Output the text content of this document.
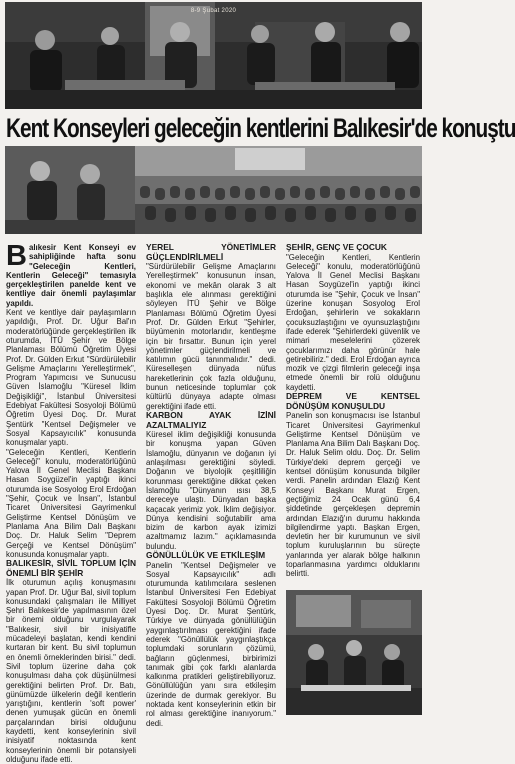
8-9 Şubat 2020
Kent Konseyleri geleceğin kentlerini Balıkesir'de konuştu

Balıkesir Kent Konseyi ev sahipliğinde hafta sonu "Geleceğin Kentleri, Kentlerin Geleceği" temasıyla gerçekleştirilen panelde kent ve kentliye dair önemli paylaşımlar yapıldı.

Kent ve kentliye dair paylaşımların yapıldığı, Prof. Dr. Uğur Bal'ın moderatörlüğünde gerçekleştirilen ilk oturumda, İTÜ Şehir ve Bölge Planlaması Bölümü Öğretim Üyesi Prof. Dr. Gülden Erkut "Sürdürülebilir Gelişme Amaçlarını Yerelleştirmek", Program Yapımcısı ve Sunucusu Güven İslamoğlu "Küresel İklim Değişikliği", İstanbul Üniversitesi Edebiyat Fakültesi Sosyoloji Bölümü Öğretim Üyesi Doç. Dr. Murat Şentürk "Kentsel Değişmeler ve Sosyal Kapsayıcılık" konusunda konuşmalar yaptı.

"Geleceğin Kentleri, Kentlerin Geleceği" konulu, moderatörlüğünü Yalova İl Genel Meclisi Başkanı Hasan Soygüzel'in yaptığı ikinci oturumda ise Sosyolog Erol Erdoğan "Şehir, Çocuk ve İnsan", İstanbul Ticaret Üniversitesi Gayrimenkul Geliştirme Kentsel Dönüşüm ve Planlama Ana Bilim Dalı Başkanı Doç. Dr. Haluk Selim "Deprem Gerçeği ve Kentsel Dönüşüm" konusunda konuşmalar yaptı.

BALIKESİR, SİVİL TOPLUM İÇİN ÖNEMLİ BİR ŞEHİR

İlk oturumun açılış konuşmasını yapan Prof. Dr. Uğur Bal, sivil toplum konusundaki çalışmaları ile Milliyet Şehri Balıkesir'de yapılmasının özel bir önemi olduğunu vurgulayarak "Balıkesir, sivil bir inisiyatifle mücadeleyi başlatan, kendi kendini kurtaran bir kent. Bu sivil toplumun en önemli örneklerinden birisi." dedi. Sivil toplum üzerine daha çok konuşulması daha çok düşünülmesi gerektiğini belirten Prof. Dr. Batı, günümüzde ülkelerin değil kentlerin yarıştığını, kentlerin 'soft power' denen yumuşak gücün en önemli parçalarından birisi olduğunu kaydetti, kent konseylerinin sivil inisiyatif noktasında kent konseylerinin önemli bir potansiyeli olduğunu ifade etti.

YEREL YÖNETİMLER GÜÇLENDİRİLMELİ

"Sürdürülebilir Gelişme Amaçlarını Yerelleştirmek" konusunun insan, ekonomi ve mekân olarak 3 alt başlıkla ele alınması gerektiğini söyleyen İTÜ Şehir ve Bölge Planlaması Bölümü Öğretim Üyesi Prof. Dr. Gülden Erkut "Şehirler, büyümenin motorlarıdır, kentleşme için bir fırsattır. Bunun için yerel yönetimler güçlendirilmeli ve katılımın gücü tanınmalıdır." dedi. Küreselleşen dünyada nüfus hareketlerinin çok fazla olduğunu, bunun neticesinde toplumlar çok kültürlü dünyaya adapte olması gerektiğini ifade etti.

KARBON AYAK İZİNİ AZALTMALIYIZ

Küresel iklim değişikliği konusunda bir konuşma yapan Güven İslamoğlu, dünyanın ve doğanın iyi anlaşılması gerektiğini söyledi. Doğanın ve biyolojik çeşitliliğin korunması gerektiğine dikkat çeken İslamoğlu "Dünyanın ısısı 38,5 dereceye ulaştı. Dünyadan başka kaçacak yerimiz yok. İklim değişiyor. Dünya kendisini soğutabilir ama bizim de karbon ayak izimizi azaltmamız lazım." açıklamasında bulundu.

GÖNÜLLÜLÜK VE ETKİLEŞİM

Panelin "Kentsel Değişmeler ve Sosyal Kapsayıcılık" adlı oturumunda katılımcılara seslenen İstanbul Üniversitesi Fen Edebiyat Fakültesi Sosyoloji Bölümü Öğretim Üyesi Doç. Dr. Murat Şentürk, Türkiye ve dünyada gönüllülüğün yaygınlaştırılması gerektiğini ifade ederek "Gönüllülük yaygınlaştıkça toplumdaki sorunların çözümü, bağların güçlenmesi, birbirimizi tanımak gibi çok farklı alanlarda kalkınma pratikleri geliştirebiliyoruz. Gönüllülüğün yanı sıra etkileşim üzerinde de durmak gerekiyor. Bu noktada kent konseylerinin etkin bir rol alması gerektiğine inanıyorum." dedi.

ŞEHİR, GENÇ VE ÇOCUK

"Geleceğin Kentleri, Kentlerin Geleceği" konulu, moderatörlüğünü Yalova İl Genel Meclisi Başkanı Hasan Soygüzel'in yaptığı ikinci oturumda ise "Şehir, Çocuk ve İnsan" üzerine konuşan Sosyolog Erol Erdoğan, şehirlerin ve sokakların çocuksuzlaştığını ve oyunsuzlaştığını ifade ederek "Şehirlerdeki güvenlik ve mimari meselelerini çözerek çocuklarımızı daha görünür hale getirebiliriz." dedi. Erol Erdoğan ayrıca mozik ve çizgi filmlerin geleceği inşa etmede önemli bir rolü olduğunu kaydetti.

DEPREM VE KENTSEL DÖNÜŞÜM KONUŞULDU

Panelin son konuşmacısı ise İstanbul Ticaret Üniversitesi Gayrimenkul Geliştirme Kentsel Dönüşüm ve Planlama Ana Bilim Dalı Başkanı Doç. Dr. Haluk Selim oldu. Doç. Dr. Selim Türkiye'deki deprem gerçeği ve kentsel dönüşüm konusunda bilgiler verdi. Panelin ardından Elazığ Kent Konseyi Başkanı Murat Ergen, geçtiğimiz 24 Ocak günü 6,4 şiddetinde gerçekleşen depremin ardından Elazığ'ın durumu hakkında bilgilendirme yaptı. Başkan Ergen, devletin her bir kurumunun ve sivil toplum kuruluşlarının bu süreçte yanlarında yer alarak bölge halkının toparlanmasına yardımcı olduklarını belirtti.
